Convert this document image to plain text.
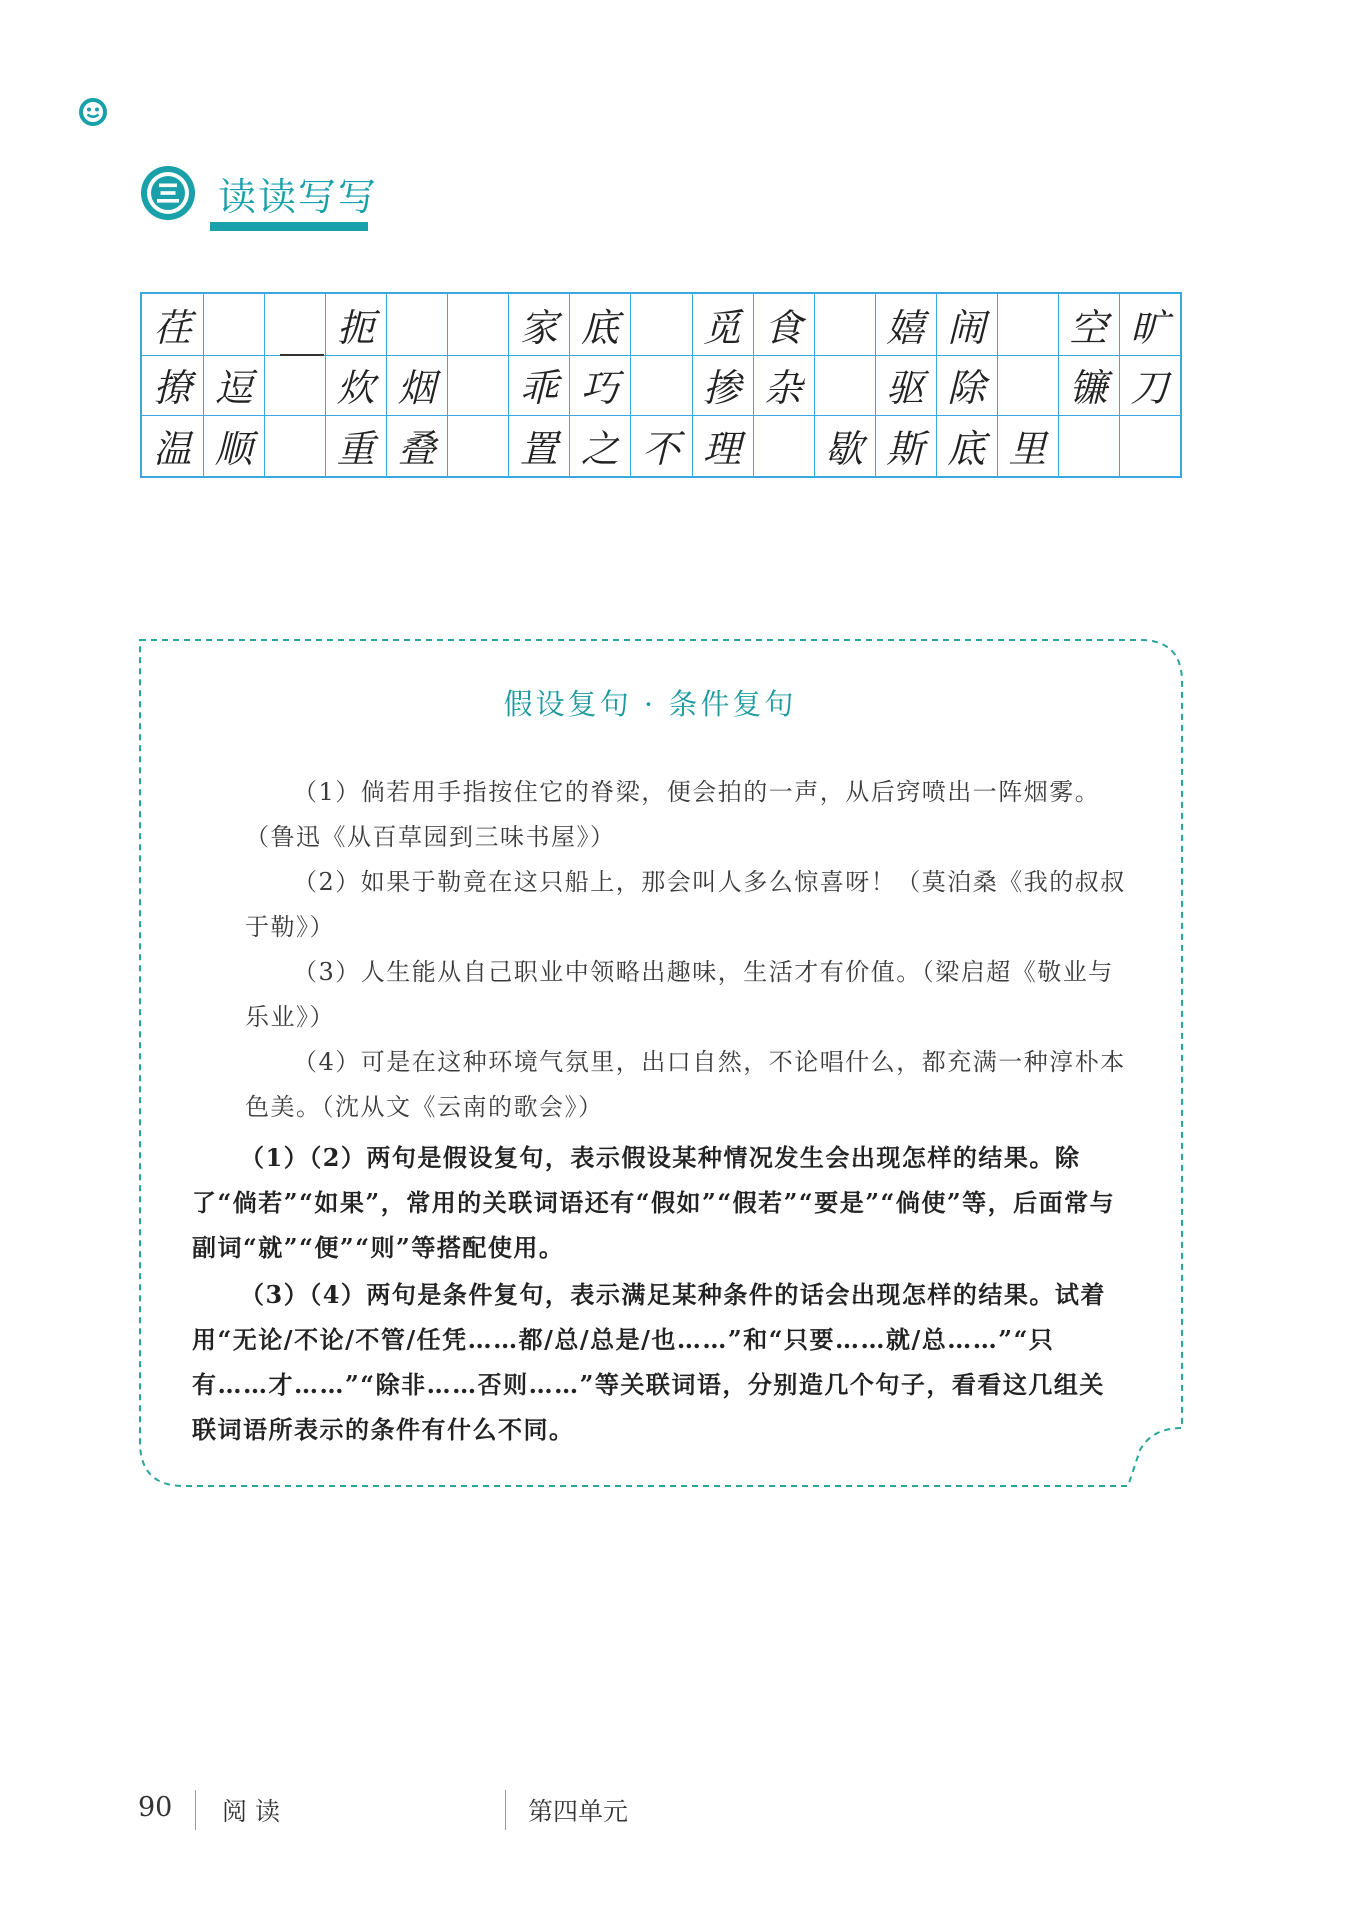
读读写写
荏	扼	家 底	觅 食	嬉 闹	空 旷
撩 逗	炊 烟	乖 巧	掺 杂	驱 除	镰 刀
温 顺	重 叠	置 之 不 理	歇 斯 底 里
假设复句 · 条件复句

（1）倘若用手指按住它的脊梁，便会拍的一声，从后窍喷出一阵烟雾。（鲁迅《从百草园到三味书屋》）

（2）如果于勒竟在这只船上，那会叫人多么惊喜呀！（莫泊桑《我的叔叔于勒》）

（3）人生能从自己职业中领略出趣味，生活才有价值。（梁启超《敬业与乐业》）

（4）可是在这种环境气氛里，出口自然，不论唱什么，都充满一种淳朴本色美。（沈从文《云南的歌会》）

（1）（2）两句是假设复句，表示假设某种情况发生会出现怎样的结果。除了“倘若”“如果”，常用的关联词语还有“假如”“假若”“要是”“倘使”等，后面常与副词“就”“便”“则”等搭配使用。

（3）（4）两句是条件复句，表示满足某种条件的话会出现怎样的结果。试着用“无论/不论/不管/任凭……都/总/总是/也……”和“只要……就/总……”“只有……才……”“除非……否则……”等关联词语，分别造几个句子，看看这几组关联词语所表示的条件有什么不同。

90 阅 读	第四单元
